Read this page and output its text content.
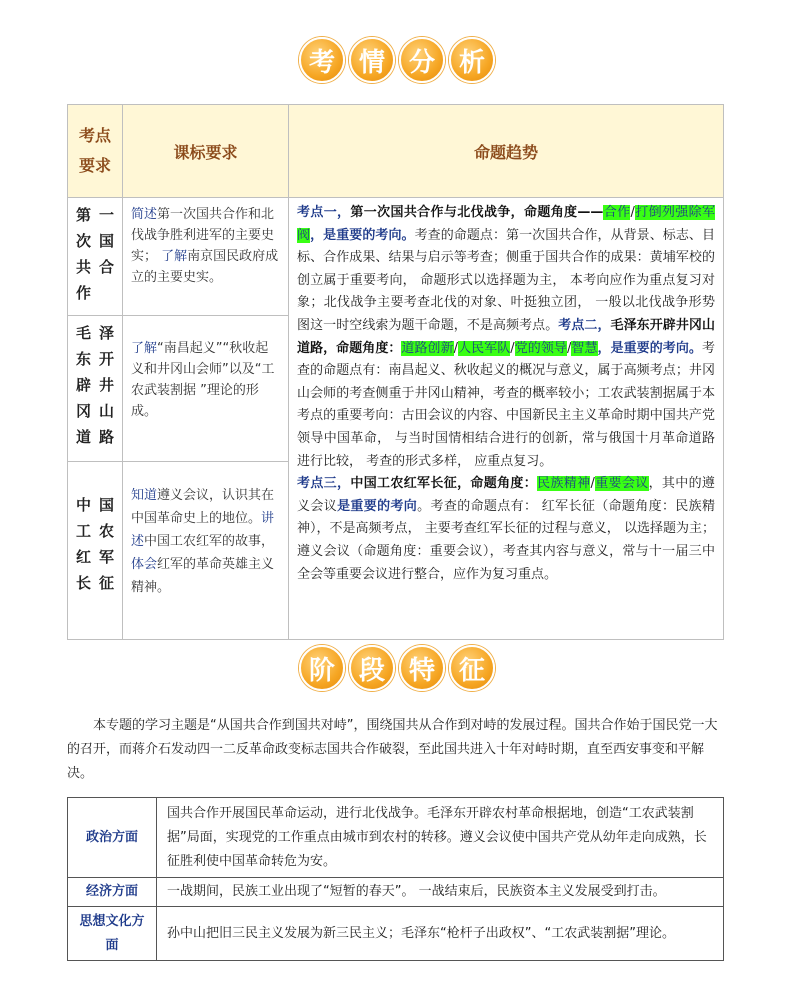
考 情 分 析
考点
要求	课标要求	命题趋势
第一次国共合作	简述第一次国共合作和北伐战争胜利进军的主要史实； 了解南京国民政府成立的主要史实。	考点一，第一次国共合作与北伐战争，命题角度——合作/打倒列强除军阀，是重要的考向。考查的命题点：第一次国共合作，从背景、标志、目标、合作成果、结果与启示等考查；侧重于国共合作的成果：黄埔军校的创立属于重要考向， 命题形式以选择题为主， 本考向应作为重点复习对象；北伐战争主要考查北伐的对象、叶挺独立团， 一般以北伐战争形势图这一时空线索为题干命题，不是高频考点。考点二，毛泽东开辟井冈山道路，命题角度：道路创新/人民军队/党的领导/智慧，是重要的考向。考查的命题点有：南昌起义、秋收起义的概况与意义，属于高频考点；井冈山会师的考查侧重于井冈山精神，考查的概率较小；工农武装割据属于本考点的重要考向：古田会议的内容、中国新民主主义革命时期中国共产党领导中国革命， 与当时国情相结合进行的创新，常与俄国十月革命道路进行比较， 考查的形式多样， 应重点复习。
考点三，中国工农红军长征，命题角度：民族精神/重要会议，其中的遵义会议是重要的考向。考查的命题点有： 红军长征（命题角度：民族精神），不是高频考点， 主要考查红军长征的过程与意义， 以选择题为主；遵义会议（命题角度：重要会议），考查其内容与意义，常与十一届三中全会等重要会议进行整合，应作为复习重点。
毛泽东开辟井冈山道路	了解“南昌起义”“秋收起义和井冈山会师”以及“工农武装割据 ”理论的形成。	
中国工农红军长征	知道遵义会议，认识其在中国革命史上的地位。讲述中国工农红军的故事，体会红军的革命英雄主义精神。	
阶 段 特 征

本专题的学习主题是“从国共合作到国共对峙”，围绕国共从合作到对峙的发展过程。国共合作始于国民党一大的召开，而蒋介石发动四一二反革命政变标志国共合作破裂，至此国共进入十年对峙时期，直至西安事变和平解决。

政治方面	国共合作开展国民革命运动，进行北伐战争。毛泽东开辟农村革命根据地，创造“工农武装割据”局面，实现党的工作重点由城市到农村的转移。遵义会议使中国共产党从幼年走向成熟，长征胜利使中国革命转危为安。
经济方面	一战期间，民族工业出现了“短暂的春天”。 一战结束后，民族资本主义发展受到打击。
思想文化方面	孙中山把旧三民主义发展为新三民主义；毛泽东“枪杆子出政权”、“工农武装割据”理论。
